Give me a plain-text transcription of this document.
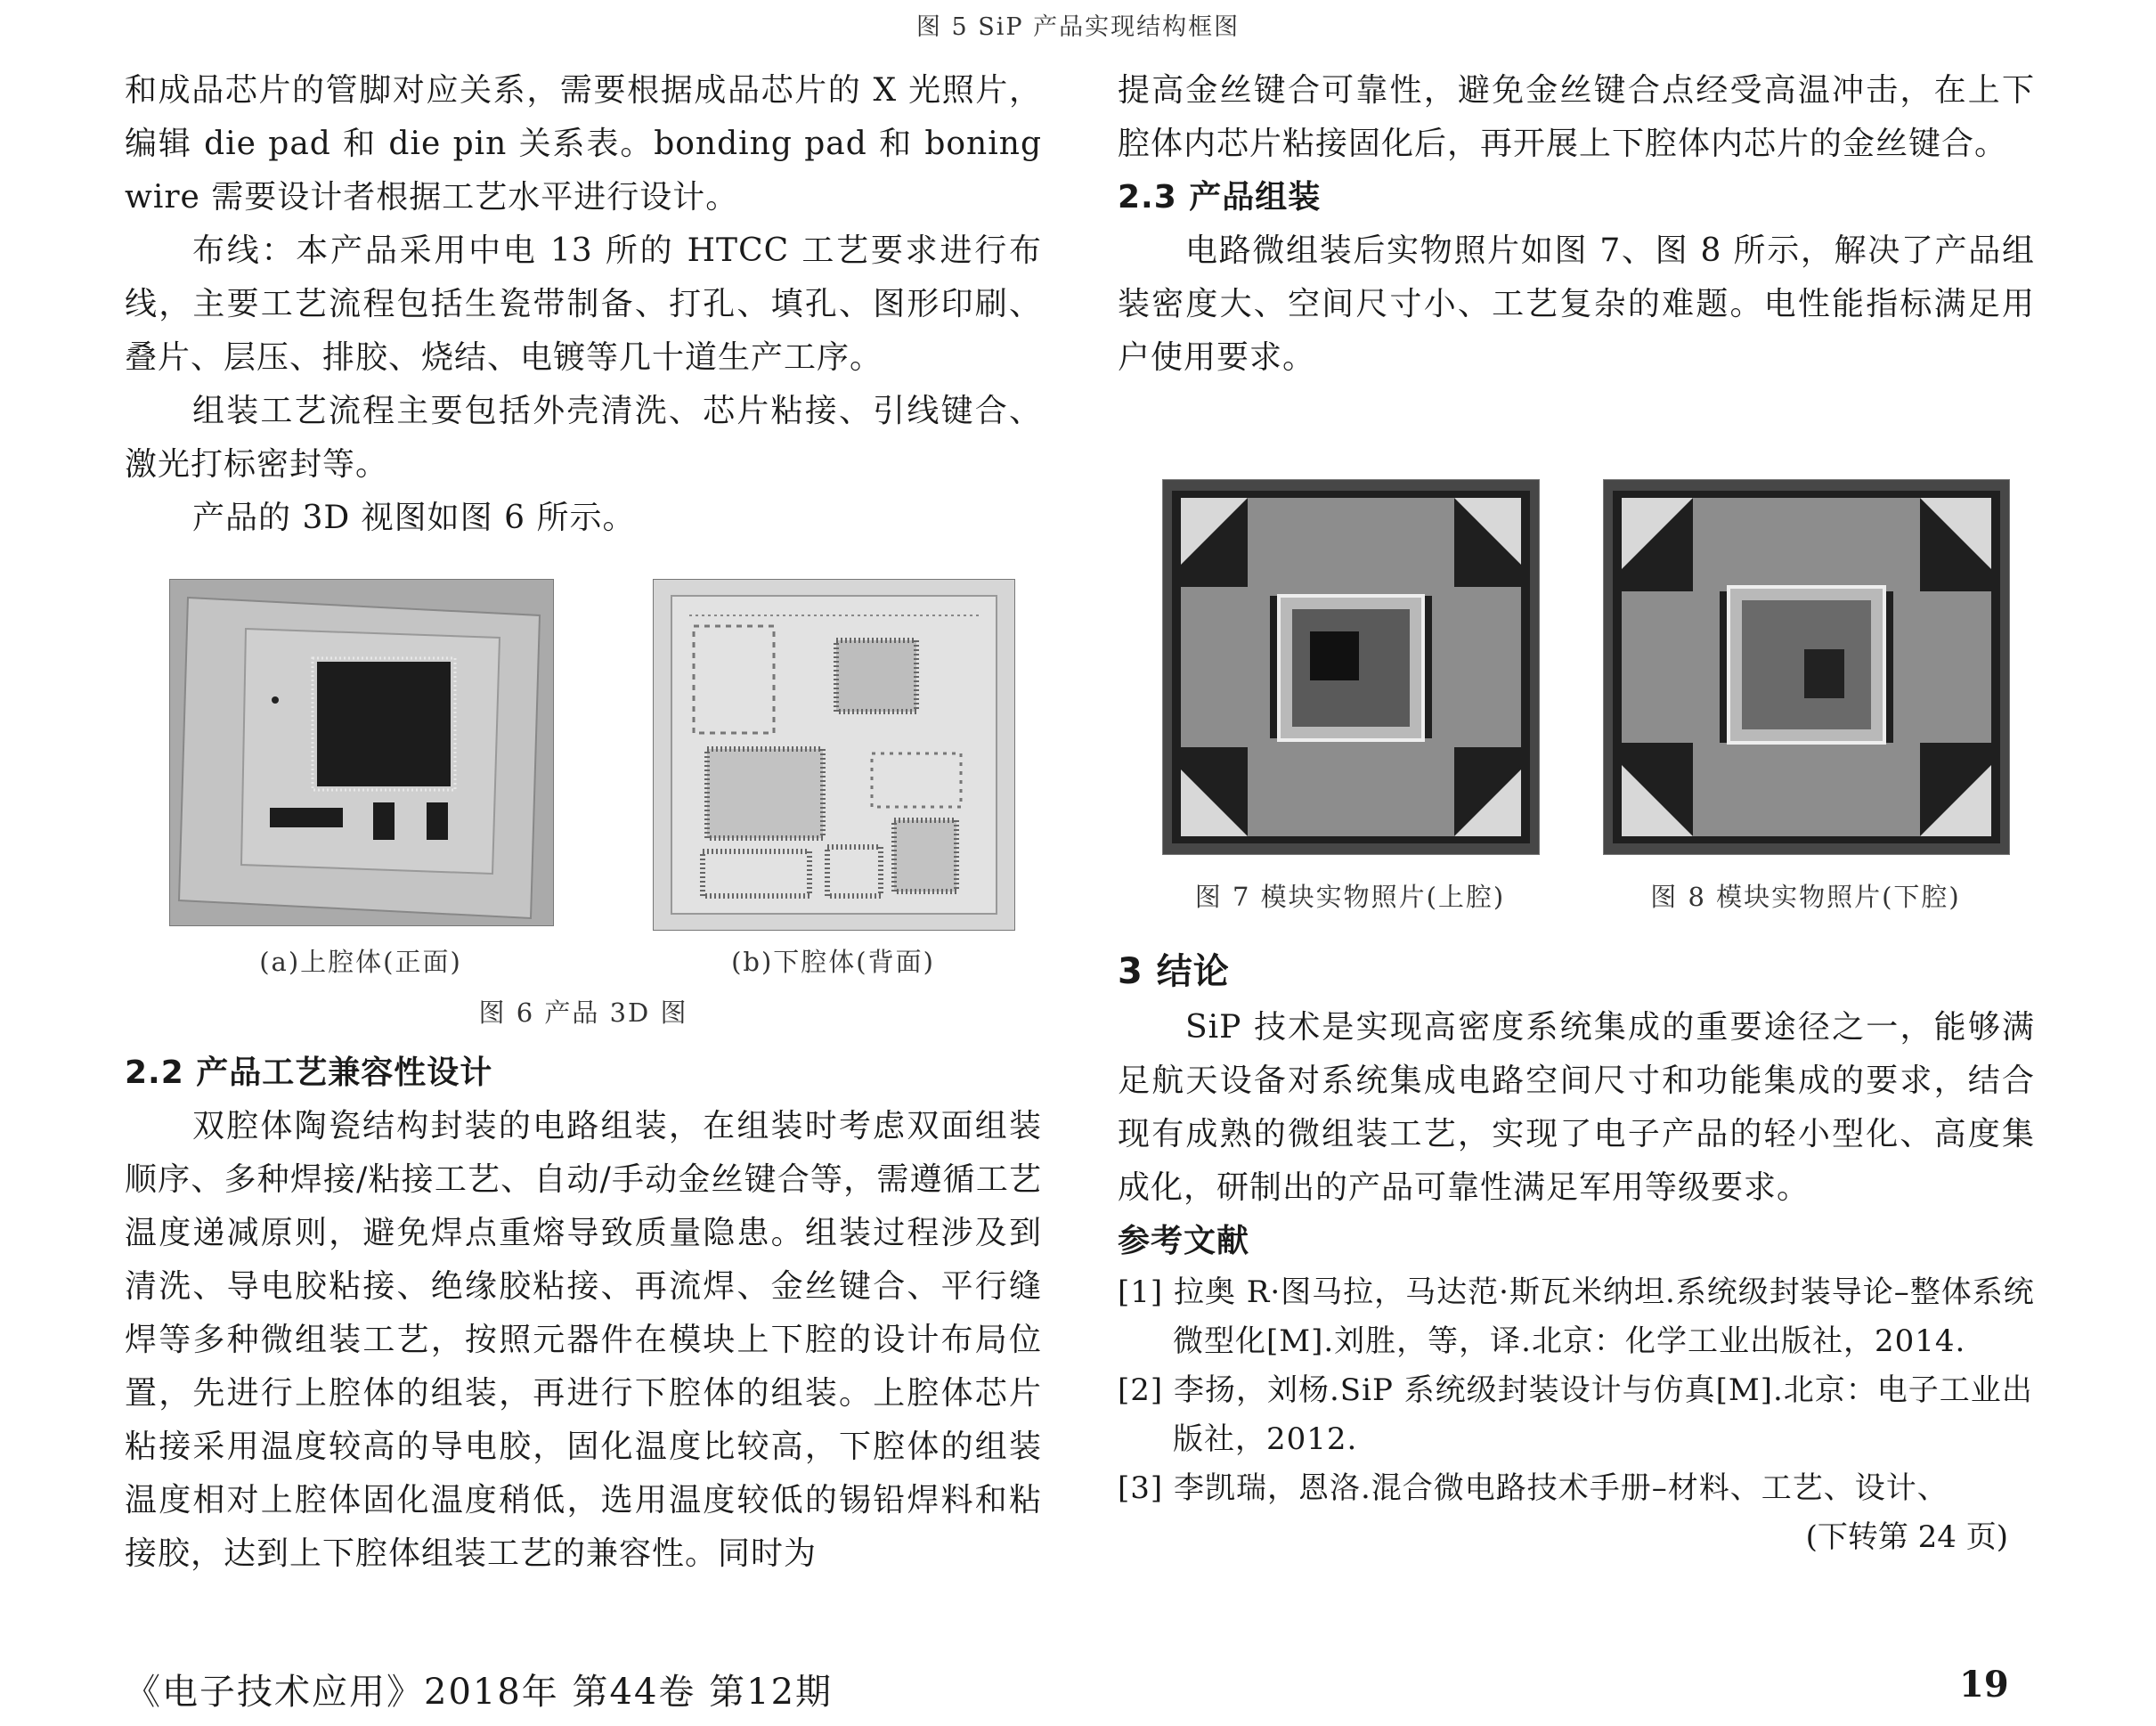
图 5 SiP 产品实现结构框图

和成品芯片的管脚对应关系，需要根据成品芯片的 X 光照片，编辑 die pad 和 die pin 关系表。bonding pad 和 boning wire 需要设计者根据工艺水平进行设计。

布线：本产品采用中电 13 所的 HTCC 工艺要求进行布线，主要工艺流程包括生瓷带制备、打孔、填孔、图形印刷、叠片、层压、排胶、烧结、电镀等几十道生产工序。

组装工艺流程主要包括外壳清洗、芯片粘接、引线键合、激光打标密封等。

产品的 3D 视图如图 6 所示。

(a)上腔体(正面)	(b)下腔体(背面)
图 6 产品 3D 图
2.2 产品工艺兼容性设计

双腔体陶瓷结构封装的电路组装，在组装时考虑双面组装顺序、多种焊接/粘接工艺、自动/手动金丝键合等，需遵循工艺温度递减原则，避免焊点重熔导致质量隐患。组装过程涉及到清洗、导电胶粘接、绝缘胶粘接、再流焊、金丝键合、平行缝焊等多种微组装工艺，按照元器件在模块上下腔的设计布局位置，先进行上腔体的组装，再进行下腔体的组装。上腔体芯片粘接采用温度较高的导电胶，固化温度比较高，下腔体的组装温度相对上腔体固化温度稍低，选用温度较低的锡铅焊料和粘接胶，达到上下腔体组装工艺的兼容性。同时为

提高金丝键合可靠性，避免金丝键合点经受高温冲击，在上下腔体内芯片粘接固化后，再开展上下腔体内芯片的金丝键合。

2.3 产品组装

电路微组装后实物照片如图 7、图 8 所示，解决了产品组装密度大、空间尺寸小、工艺复杂的难题。电性能指标满足用户使用要求。

图 7 模块实物照片(上腔)	图 8 模块实物照片(下腔)
3 结论

SiP 技术是实现高密度系统集成的重要途径之一，能够满足航天设备对系统集成电路空间尺寸和功能集成的要求，结合现有成熟的微组装工艺，实现了电子产品的轻小型化、高度集成化，研制出的产品可靠性满足军用等级要求。

参考文献

[1] 拉奥 R·图马拉，马达范·斯瓦米纳坦.系统级封装导论–整体系统微型化[M].刘胜，等，译.北京：化学工业出版社，2014.

[2] 李扬，刘杨.SiP 系统级封装设计与仿真[M].北京：电子工业出版社，2012.

[3] 李凯瑞，恩洛.混合微电路技术手册–材料、工艺、设计、

(下转第 24 页)
《电子技术应用》2018年 第44卷 第12期	19
